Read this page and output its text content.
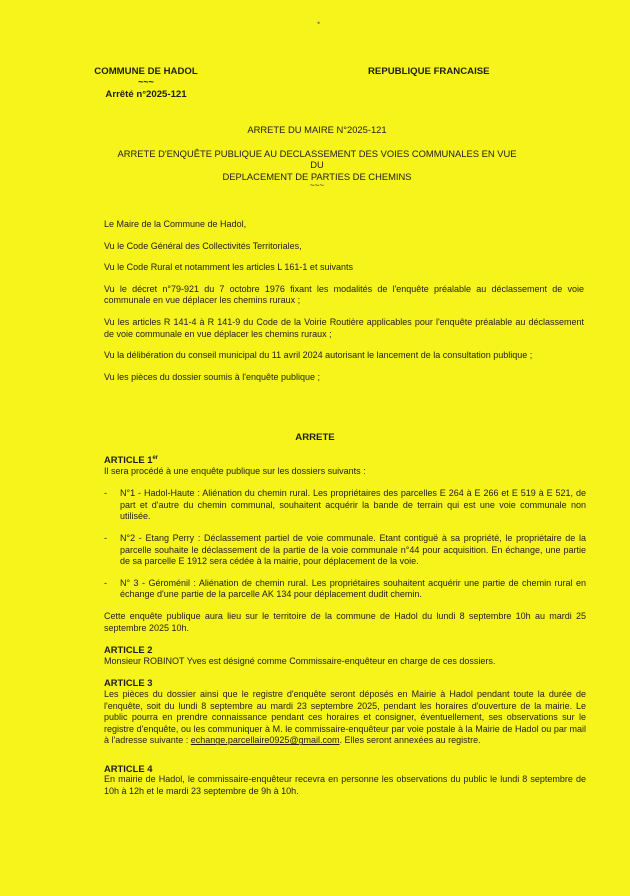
•
COMMUNE DE HADOL
~~~
Arrêté n°2025-121
REPUBLIQUE FRANCAISE
ARRETE DU MAIRE N°2025-121
ARRETE D'ENQUÊTE PUBLIQUE AU DECLASSEMENT DES VOIES COMMUNALES EN VUE DU
DEPLACEMENT DE PARTIES DE CHEMINS
~~~

Le Maire de la Commune de Hadol,

Vu le Code Général des Collectivités Territoriales,

Vu le Code Rural et notamment les articles L 161-1 et suivants

Vu le décret n°79-921 du 7 octobre 1976 fixant les modalités de l'enquête préalable au déclassement de voie communale en vue déplacer les chemins ruraux ;

Vu les articles R 141-4 à R 141-9 du Code de la Voirie Routière applicables pour l'enquête préalable au déclassement de voie communale en vue déplacer les chemins ruraux ;

Vu la délibération du conseil municipal du 11 avril 2024 autorisant le lancement de la consultation publique ;

Vu les pièces du dossier soumis à l'enquête publique ;

ARRETE
ARTICLE 1er

Il sera procédé à une enquête publique sur les dossiers suivants :

- N°1 - Hadol-Haute : Aliénation du chemin rural. Les propriétaires des parcelles E 264 à E 266 et E 519 à E 521, de part et d'autre du chemin communal, souhaitent acquérir la bande de terrain qui est une voie communale non utilisée.
- N°2 - Etang Perry : Déclassement partiel de voie communale. Etant contiguë à sa propriété, le propriétaire de la parcelle souhaite le déclassement de la partie de la voie communale n°44 pour acquisition. En échange, une partie de sa parcelle E 1912 sera cédée à la mairie, pour déplacement de la voie.
- N° 3 - Géroménil : Aliénation de chemin rural. Les propriétaires souhaitent acquérir une partie de chemin rural en échange d'une partie de la parcelle AK 134 pour déplacement dudit chemin.

Cette enquête publique aura lieu sur le territoire de la commune de Hadol du lundi 8 septembre 10h au mardi 25 septembre 2025 10h.

ARTICLE 2

Monsieur ROBINOT Yves est désigné comme Commissaire-enquêteur en charge de ces dossiers.

ARTICLE 3

Les pièces du dossier ainsi que le registre d'enquête seront déposés en Mairie à Hadol pendant toute la durée de l'enquête, soit du lundi 8 septembre au mardi 23 septembre 2025, pendant les horaires d'ouverture de la mairie. Le public pourra en prendre connaissance pendant ces horaires et consigner, éventuellement, ses observations sur le registre d'enquête, ou les communiquer à M. le commissaire-enquêteur par voie postale à la Mairie de Hadol ou par mail à l'adresse suivante : echange.parcellaire0925@gmail.com. Elles seront annexées au registre.

ARTICLE 4

En mairie de Hadol, le commissaire-enquêteur recevra en personne les observations du public le lundi 8 septembre de 10h à 12h et le mardi 23 septembre de 9h à 10h.
